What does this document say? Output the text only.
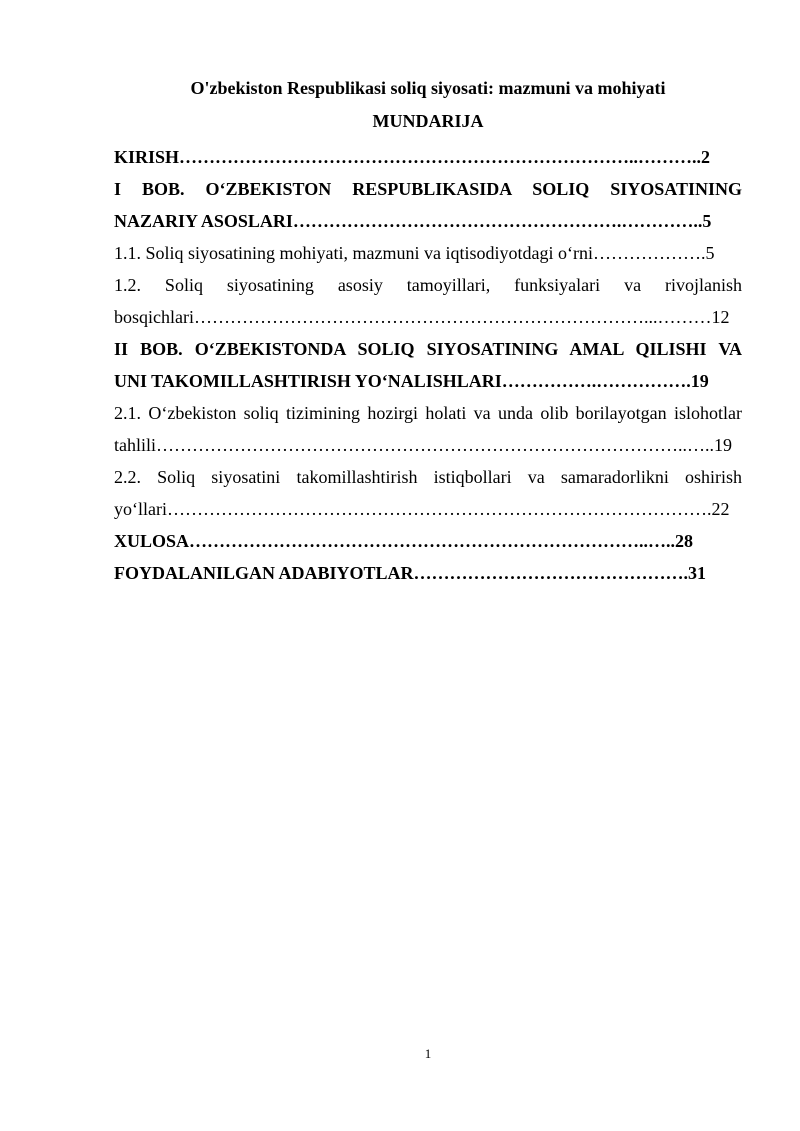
O'zbekiston Respublikasi soliq siyosati: mazmuni va mohiyati
MUNDARIJA
KIRISH…………………………………………………………………..………..2
I BOB. O‘ZBEKISTON RESPUBLIKASIDA SOLIQ SIYOSATINING
NAZARIY ASOSLARI……………………………………………….…………..5
1.1. Soliq siyosatining mohiyati, mazmuni va iqtisodiyotdagi o‘rni……………….5
1.2. Soliq siyosatining asosiy tamoyillari, funksiyalari va rivojlanish
bosqichlari…………………………………………………………………...………12
II BOB. O‘ZBEKISTONDA SOLIQ SIYOSATINING AMAL QILISHI VA
UNI TAKOMILLASHTIRISH YO‘NALISHLARI…………….…………….19
2.1. O‘zbekiston soliq tizimining hozirgi holati va unda olib borilayotgan islohotlar
tahlili……………………………………………………………………………..…..19
2.2. Soliq siyosatini takomillashtirish istiqbollari va samaradorlikni oshirish
yo‘llari……………………………………………………………………………….22
XULOSA…………………………………………………………………..…..28
FOYDALANILGAN ADABIYOTLAR……………………………………….31
1
